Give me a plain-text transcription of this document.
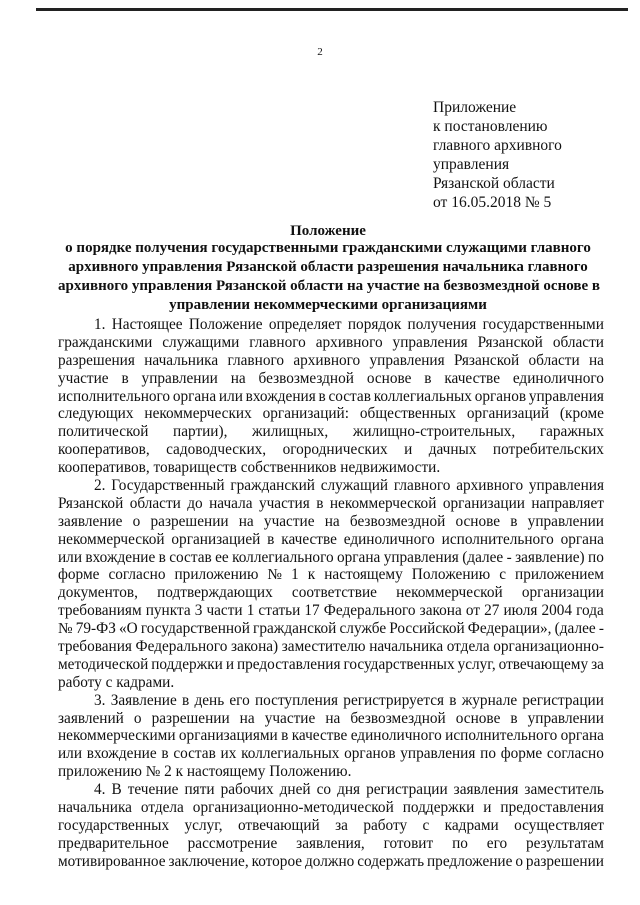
2
Приложение
к постановлению
главного архивного
управления
Рязанской области
от 16.05.2018 № 5
Положение
о порядке получения государственными гражданскими служащими главного
архивного управления Рязанской области разрешения начальника главного
архивного управления Рязанской области на участие на безвозмездной основе в
управлении некоммерческими организациями
1. Настоящее Положение определяет порядок получения государственными
гражданскими служащими главного архивного управления Рязанской области
разрешения начальника главного архивного управления Рязанской области на
участие в управлении на безвозмездной основе в качестве единоличного
исполнительного органа или вхождения в состав коллегиальных органов управления
следующих некоммерческих организаций: общественных организаций (кроме
политической партии), жилищных, жилищно-строительных, гаражных
кооперативов, садоводческих, огороднических и дачных потребительских
кооперативов, товариществ собственников недвижимости.
2. Государственный гражданский служащий главного архивного управления
Рязанской области до начала участия в некоммерческой организации направляет
заявление о разрешении на участие на безвозмездной основе в управлении
некоммерческой организацией в качестве единоличного исполнительного органа
или вхождение в состав ее коллегиального органа управления (далее - заявление) по
форме согласно приложению № 1 к настоящему Положению с приложением
документов, подтверждающих соответствие некоммерческой организации
требованиям пункта 3 части 1 статьи 17 Федерального закона от 27 июля 2004 года
№ 79-ФЗ «О государственной гражданской службе Российской Федерации», (далее -
требования Федерального закона) заместителю начальника отдела организационно-
методической поддержки и предоставления государственных услуг, отвечающему за
работу с кадрами.
3. Заявление в день его поступления регистрируется в журнале регистрации
заявлений о разрешении на участие на безвозмездной основе в управлении
некоммерческими организациями в качестве единоличного исполнительного органа
или вхождение в состав их коллегиальных органов управления по форме согласно
приложению № 2 к настоящему Положению.
4. В течение пяти рабочих дней со дня регистрации заявления заместитель
начальника отдела организационно-методической поддержки и предоставления
государственных услуг, отвечающий за работу с кадрами осуществляет
предварительное рассмотрение заявления, готовит по его результатам
мотивированное заключение, которое должно содержать предложение о разрешении
